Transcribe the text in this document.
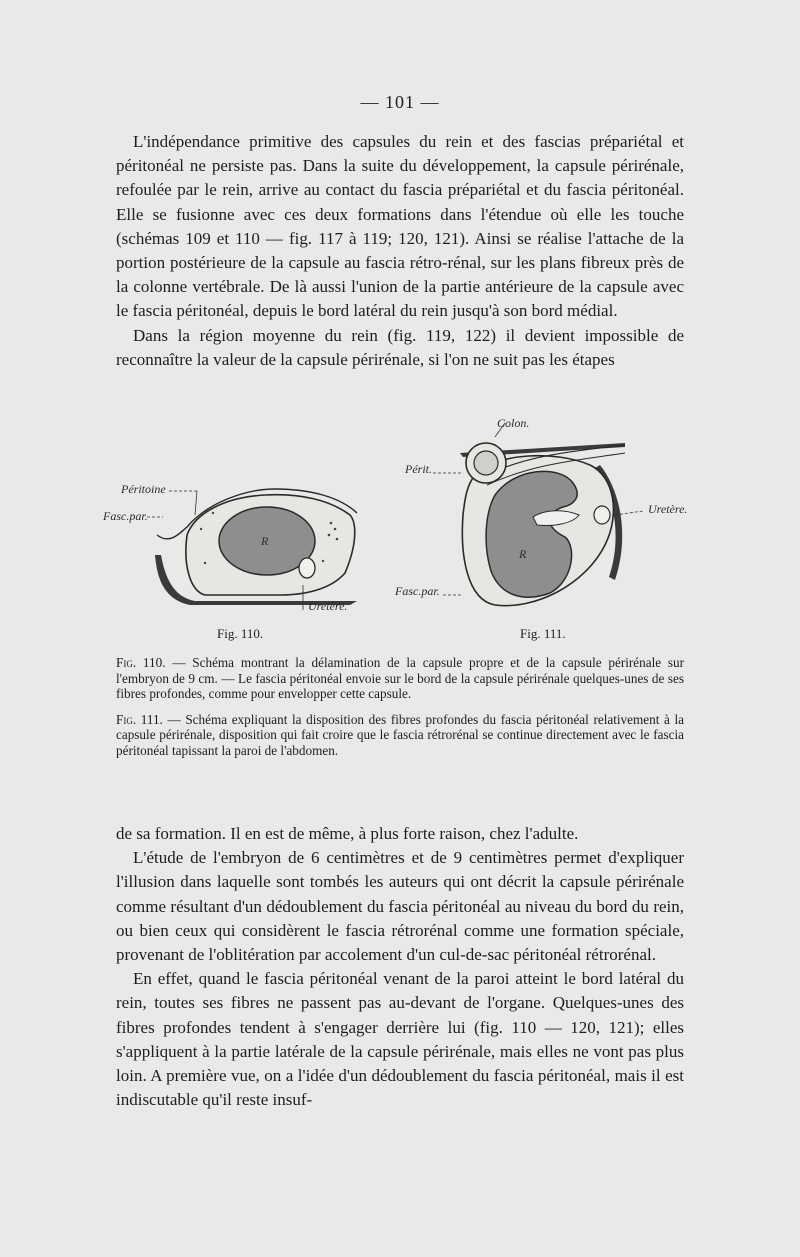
— 101 —

L'indépendance primitive des capsules du rein et des fascias prépariétal et péritonéal ne persiste pas. Dans la suite du développement, la capsule périrénale, refoulée par le rein, arrive au contact du fascia prépariétal et du fascia péritonéal. Elle se fusionne avec ces deux formations dans l'étendue où elle les touche (schémas 109 et 110 — fig. 117 à 119; 120, 121). Ainsi se réalise l'attache de la portion postérieure de la capsule au fascia rétro-rénal, sur les plans fibreux près de la colonne vertébrale. De là aussi l'union de la partie antérieure de la capsule avec le fascia péritonéal, depuis le bord latéral du rein jusqu'à son bord médial.

Dans la région moyenne du rein (fig. 119, 122) il devient impossible de reconnaître la valeur de la capsule périrénale, si l'on ne suit pas les étapes

Péritoine
Fasc.par.
R
Uretère.
Fig. 110.
Colon.
Périt.
R
Uretère.
Fasc.par.
Fig. 111.

Fig. 110. — Schéma montrant la délamination de la capsule propre et de la capsule périrénale sur l'embryon de 9 cm. — Le fascia péritonéal envoie sur le bord de la capsule périrénale quelques-unes de ses fibres profondes, comme pour envelopper cette capsule.

Fig. 111. — Schéma expliquant la disposition des fibres profondes du fascia péritonéal relativement à la capsule périrénale, disposition qui fait croire que le fascia rétrorénal se continue directement avec le fascia péritonéal tapissant la paroi de l'abdomen.

de sa formation. Il en est de même, à plus forte raison, chez l'adulte.

L'étude de l'embryon de 6 centimètres et de 9 centimètres permet d'expliquer l'illusion dans laquelle sont tombés les auteurs qui ont décrit la capsule périrénale comme résultant d'un dédoublement du fascia péritonéal au niveau du bord du rein, ou bien ceux qui considèrent le fascia rétrorénal comme une formation spéciale, provenant de l'oblitération par accolement d'un cul-de-sac péritonéal rétrorénal.

En effet, quand le fascia péritonéal venant de la paroi atteint le bord latéral du rein, toutes ses fibres ne passent pas au-devant de l'organe. Quelques-unes des fibres profondes tendent à s'engager derrière lui (fig. 110 — 120, 121); elles s'appliquent à la partie latérale de la capsule périrénale, mais elles ne vont pas plus loin. A première vue, on a l'idée d'un dédoublement du fascia péritonéal, mais il est indiscutable qu'il reste insuf-
